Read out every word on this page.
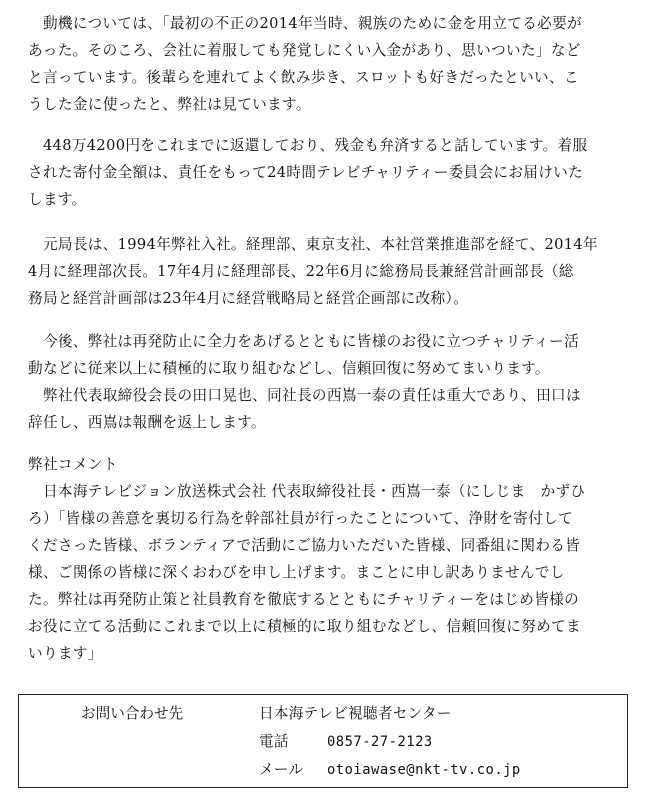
　動機については、「最初の不正の2014年当時、親族のために金を用立てる必要が
あった。そのころ、会社に着服しても発覚しにくい入金があり、思いついた」など
と言っています。後輩らを連れてよく飲み歩き、スロットも好きだったといい、こ
うした金に使ったと、弊社は見ています。
　448万4200円をこれまでに返還しており、残金も弁済すると話しています。着服
された寄付金全額は、責任をもって24時間テレビチャリティー委員会にお届けいた
します。
　元局長は、1994年弊社入社。経理部、東京支社、本社営業推進部を経て、2014年
4月に経理部次長。17年4月に経理部長、22年6月に総務局長兼経営計画部長（総
務局と経営計画部は23年4月に経営戦略局と経営企画部に改称）。
　今後、弊社は再発防止に全力をあげるとともに皆様のお役に立つチャリティー活
動などに従来以上に積極的に取り組むなどし、信頼回復に努めてまいります。
　弊社代表取締役会長の田口晃也、同社長の西嶌一泰の責任は重大であり、田口は
辞任し、西嶌は報酬を返上します。
弊社コメント
　日本海テレビジョン放送株式会社 代表取締役社長・西嶌一泰（にしじま　かずひ
ろ）「皆様の善意を裏切る行為を幹部社員が行ったことについて、浄財を寄付して
くださった皆様、ボランティアで活動にご協力いただいた皆様、同番組に関わる皆
様、ご関係の皆様に深くおわびを申し上げます。まことに申し訳ありませんでし
た。弊社は再発防止策と社員教育を徹底するとともにチャリティーをはじめ皆様の
お役に立てる活動にこれまで以上に積極的に取り組むなどし、信頼回復に努めてま
いります」
お問い合わせ先	日本海テレビ視聴者センター
電話	0857-27-2123
メール otoiawase@nkt-tv.co.jp
